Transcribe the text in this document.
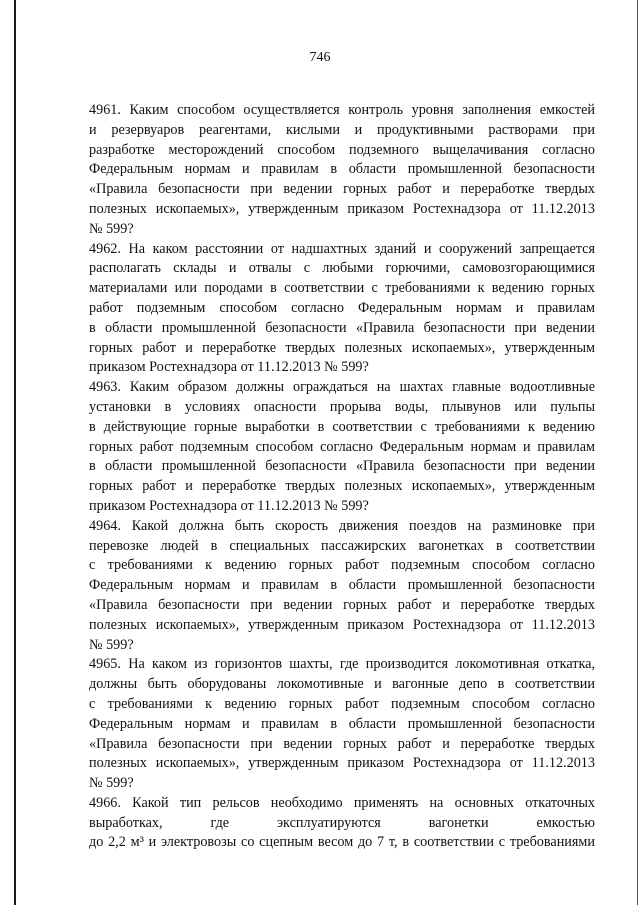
746
4961. Каким способом осуществляется контроль уровня заполнения емкостей
и резервуаров реагентами, кислыми и продуктивными растворами при
разработке месторождений способом подземного выщелачивания согласно
Федеральным нормам и правилам в области промышленной безопасности
«Правила безопасности при ведении горных работ и переработке твердых
полезных ископаемых», утвержденным приказом Ростехнадзора от 11.12.2013
№ 599?
4962. На каком расстоянии от надшахтных зданий и сооружений запрещается
располагать склады и отвалы с любыми горючими, самовозгорающимися
материалами или породами в соответствии с требованиями к ведению горных
работ подземным способом согласно Федеральным нормам и правилам
в области промышленной безопасности «Правила безопасности при ведении
горных работ и переработке твердых полезных ископаемых», утвержденным
приказом Ростехнадзора от 11.12.2013 № 599?
4963. Каким образом должны ограждаться на шахтах главные водоотливные
установки в условиях опасности прорыва воды, плывунов или пульпы
в действующие горные выработки в соответствии с требованиями к ведению
горных работ подземным способом согласно Федеральным нормам и правилам
в области промышленной безопасности «Правила безопасности при ведении
горных работ и переработке твердых полезных ископаемых», утвержденным
приказом Ростехнадзора от 11.12.2013 № 599?
4964. Какой должна быть скорость движения поездов на разминовке при
перевозке людей в специальных пассажирских вагонетках в соответствии
с требованиями к ведению горных работ подземным способом согласно
Федеральным нормам и правилам в области промышленной безопасности
«Правила безопасности при ведении горных работ и переработке твердых
полезных ископаемых», утвержденным приказом Ростехнадзора от 11.12.2013
№ 599?
4965. На каком из горизонтов шахты, где производится локомотивная откатка,
должны быть оборудованы локомотивные и вагонные депо в соответствии
с требованиями к ведению горных работ подземным способом согласно
Федеральным нормам и правилам в области промышленной безопасности
«Правила безопасности при ведении горных работ и переработке твердых
полезных ископаемых», утвержденным приказом Ростехнадзора от 11.12.2013
№ 599?
4966. Какой тип рельсов необходимо применять на основных откаточных
выработках, где эксплуатируются вагонетки емкостью
до 2,2 м³ и электровозы со сцепным весом до 7 т, в соответствии с требованиями
